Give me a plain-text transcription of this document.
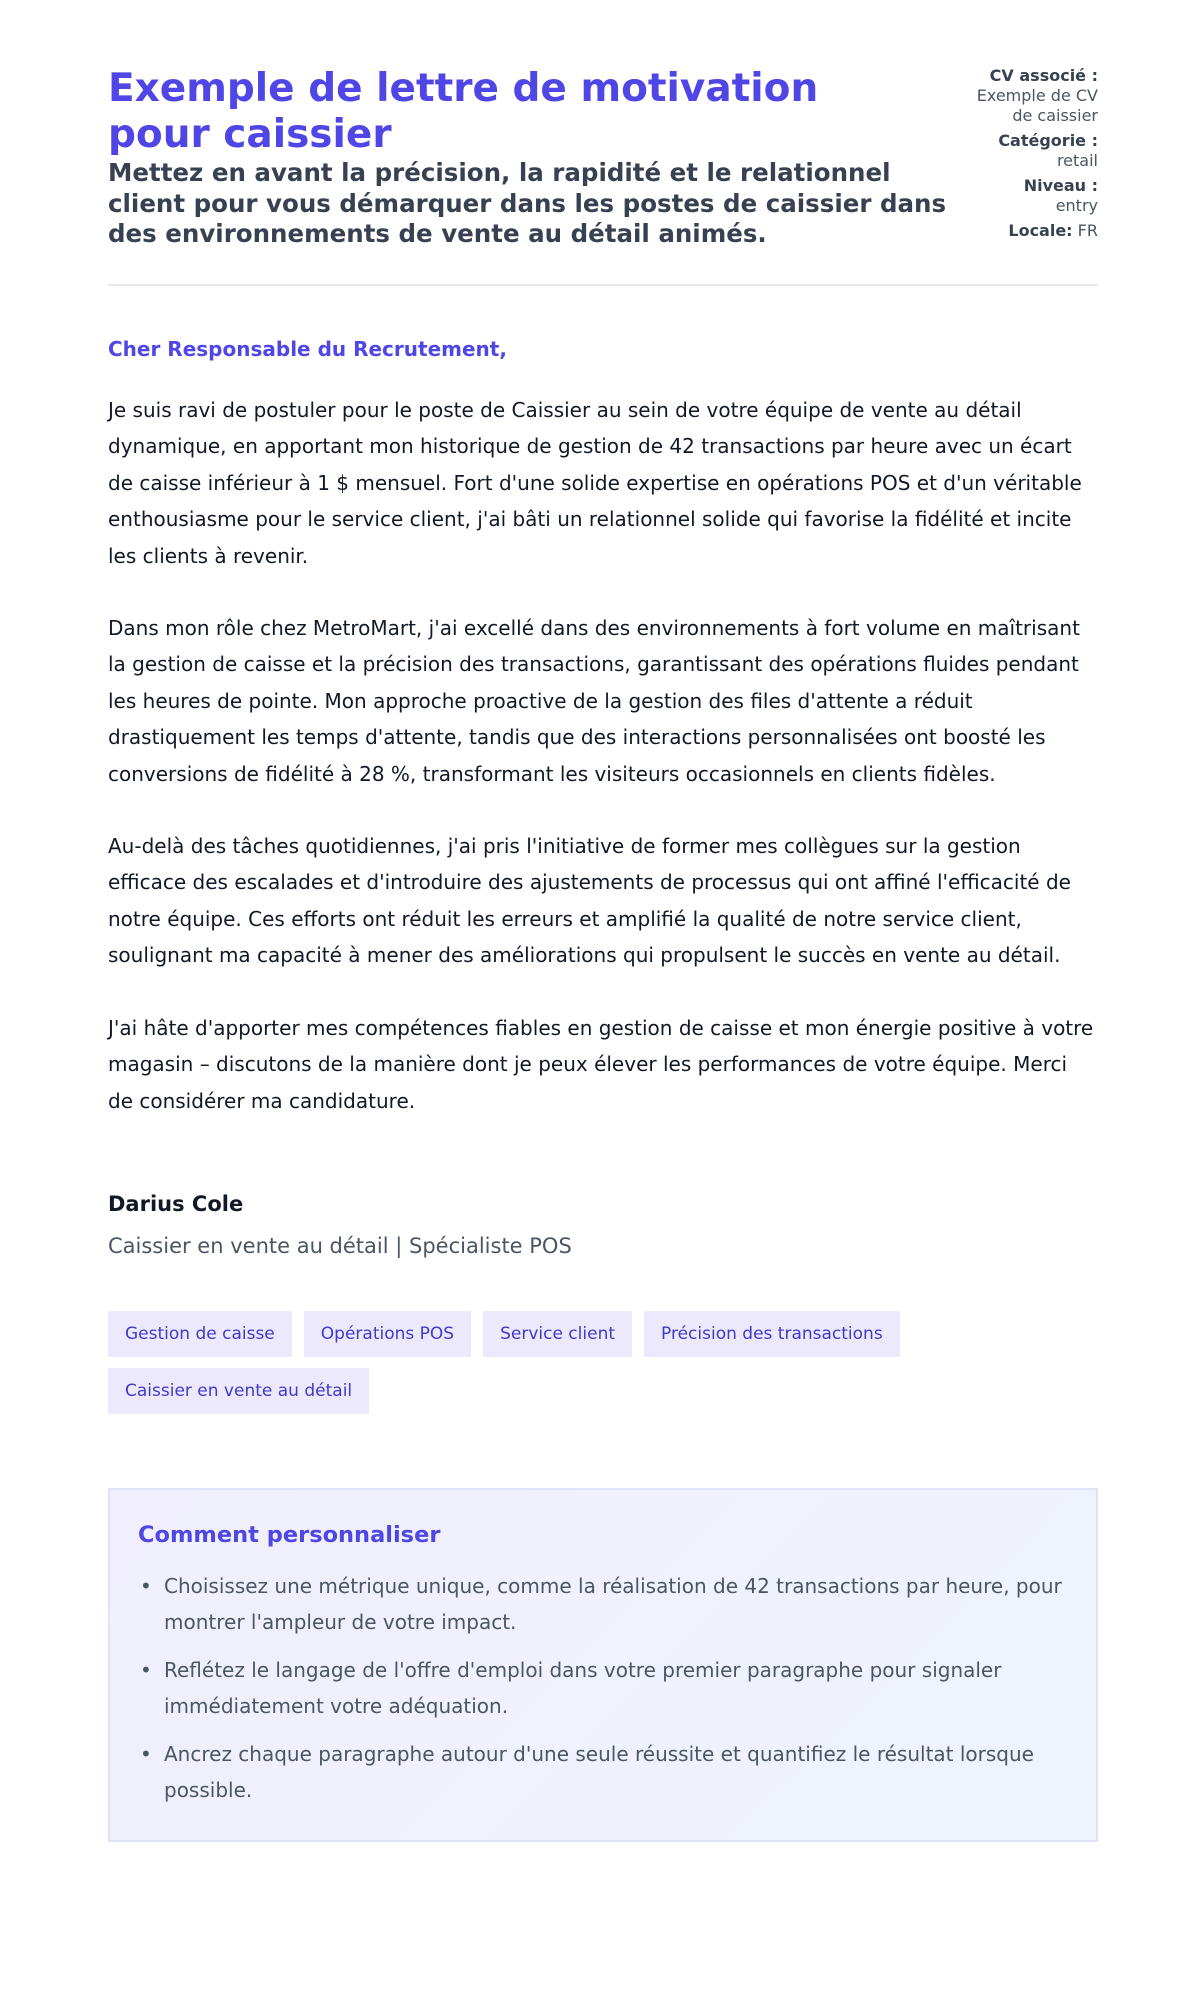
Exemple de lettre de motivation pour caissier
Mettez en avant la précision, la rapidité et le relationnel client pour vous démarquer dans les postes de caissier dans des environnements de vente au détail animés.
CV associé :
Exemple de CV de caissier
Catégorie :
retail
Niveau :
entry
Locale: FR
Cher Responsable du Recrutement,

Je suis ravi de postuler pour le poste de Caissier au sein de votre équipe de vente au détail dynamique, en apportant mon historique de gestion de 42 transactions par heure avec un écart de caisse inférieur à 1 $ mensuel. Fort d'une solide expertise en opérations POS et d'un véritable enthousiasme pour le service client, j'ai bâti un relationnel solide qui favorise la fidélité et incite les clients à revenir.

Dans mon rôle chez MetroMart, j'ai excellé dans des environnements à fort volume en maîtrisant la gestion de caisse et la précision des transactions, garantissant des opérations fluides pendant les heures de pointe. Mon approche proactive de la gestion des files d'attente a réduit drastiquement les temps d'attente, tandis que des interactions personnalisées ont boosté les conversions de fidélité à 28 %, transformant les visiteurs occasionnels en clients fidèles.

Au-delà des tâches quotidiennes, j'ai pris l'initiative de former mes collègues sur la gestion efficace des escalades et d'introduire des ajustements de processus qui ont affiné l'efficacité de notre équipe. Ces efforts ont réduit les erreurs et amplifié la qualité de notre service client, soulignant ma capacité à mener des améliorations qui propulsent le succès en vente au détail.

J'ai hâte d'apporter mes compétences fiables en gestion de caisse et mon énergie positive à votre magasin – discutons de la manière dont je peux élever les performances de votre équipe. Merci de considérer ma candidature.

Darius Cole
Caissier en vente au détail | Spécialiste POS
Gestion de caisse	Opérations POS	Service client	Précision des transactions
Caissier en vente au détail
Comment personnaliser
• Choisissez une métrique unique, comme la réalisation de 42 transactions par heure, pour montrer l'ampleur de votre impact.
• Reflétez le langage de l'offre d'emploi dans votre premier paragraphe pour signaler immédiatement votre adéquation.
• Ancrez chaque paragraphe autour d'une seule réussite et quantifiez le résultat lorsque possible.
